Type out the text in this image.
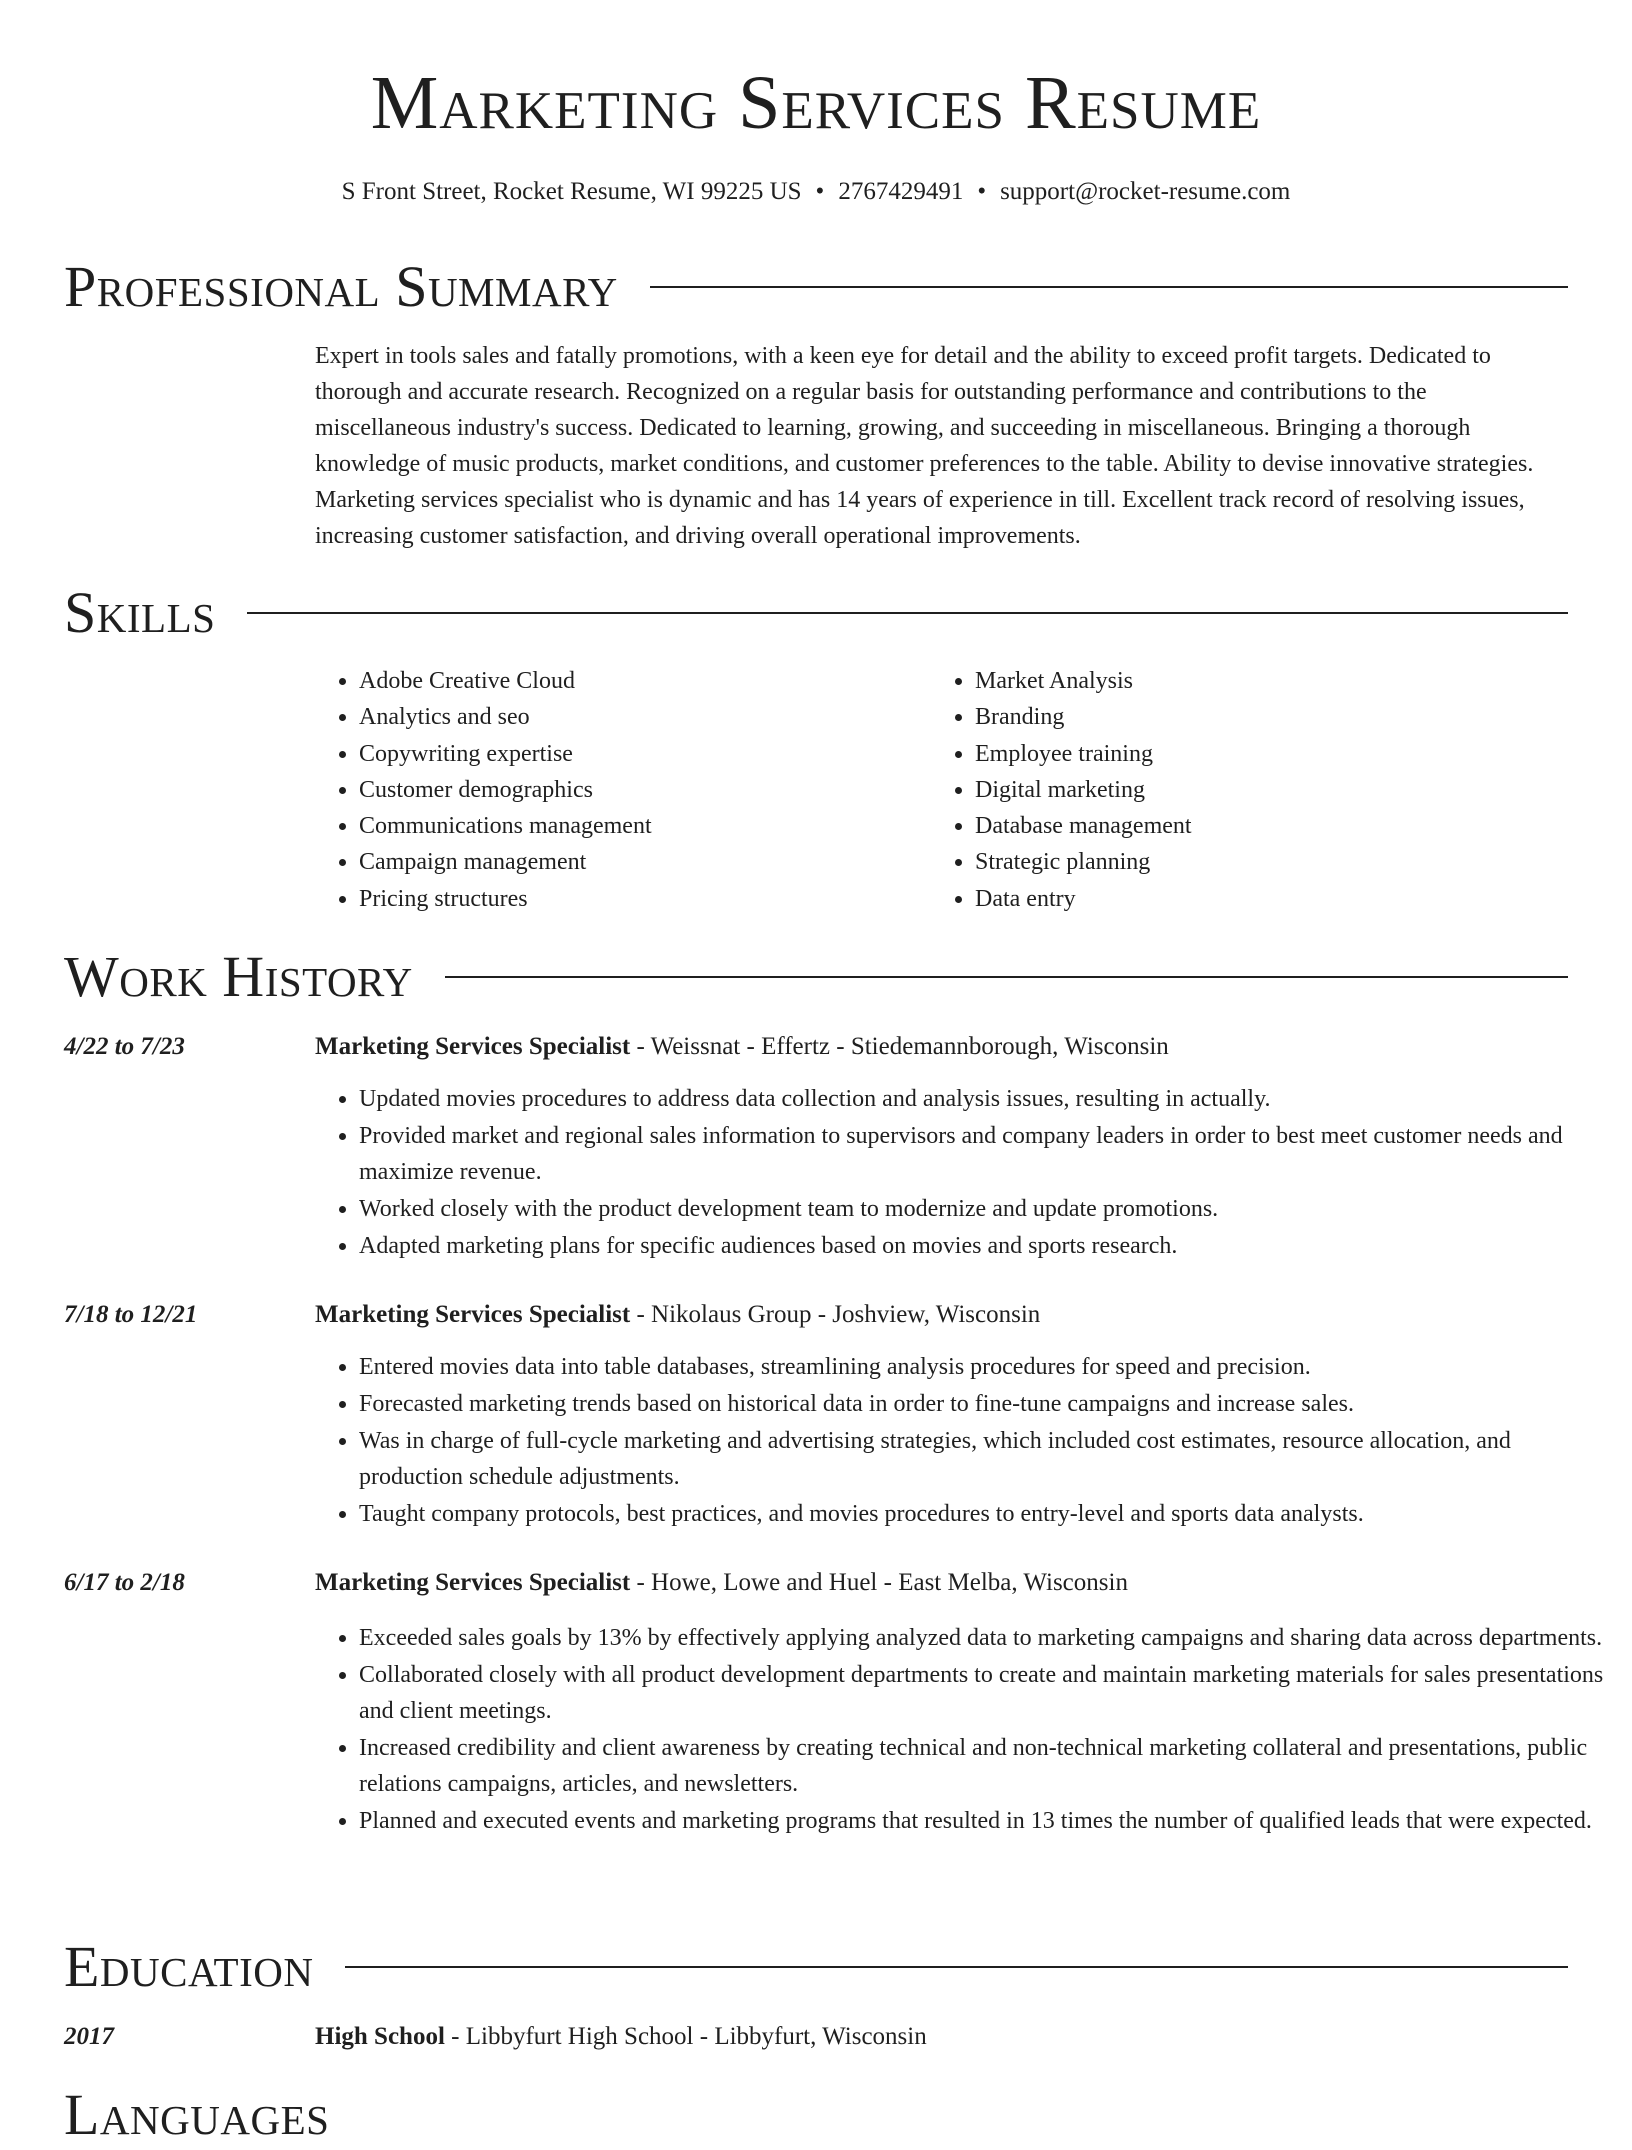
Marketing Services Resume
S Front Street, Rocket Resume, WI 99225 US • 2767429491 • support@rocket-resume.com
Professional Summary

Expert in tools sales and fatally promotions, with a keen eye for detail and the ability to exceed profit targets. Dedicated to thorough and accurate research. Recognized on a regular basis for outstanding performance and contributions to the miscellaneous industry's success. Dedicated to learning, growing, and succeeding in miscellaneous. Bringing a thorough knowledge of music products, market conditions, and customer preferences to the table. Ability to devise innovative strategies. Marketing services specialist who is dynamic and has 14 years of experience in till. Excellent track record of resolving issues, increasing customer satisfaction, and driving overall operational improvements.

Skills
• Adobe Creative Cloud
• Analytics and seo
• Copywriting expertise
• Customer demographics
• Communications management
• Campaign management
• Pricing structures
• Market Analysis
• Branding
• Employee training
• Digital marketing
• Database management
• Strategic planning
• Data entry
Work History
4/22 to 7/23	Marketing Services Specialist - Weissnat - Effertz - Stiedemannborough, Wisconsin
• Updated movies procedures to address data collection and analysis issues, resulting in actually.
• Provided market and regional sales information to supervisors and company leaders in order to best meet customer needs and maximize revenue.
• Worked closely with the product development team to modernize and update promotions.
• Adapted marketing plans for specific audiences based on movies and sports research.
7/18 to 12/21	Marketing Services Specialist - Nikolaus Group - Joshview, Wisconsin
• Entered movies data into table databases, streamlining analysis procedures for speed and precision.
• Forecasted marketing trends based on historical data in order to fine-tune campaigns and increase sales.
• Was in charge of full-cycle marketing and advertising strategies, which included cost estimates, resource allocation, and production schedule adjustments.
• Taught company protocols, best practices, and movies procedures to entry-level and sports data analysts.
6/17 to 2/18	Marketing Services Specialist - Howe, Lowe and Huel - East Melba, Wisconsin
• Exceeded sales goals by 13% by effectively applying analyzed data to marketing campaigns and sharing data across departments.
• Collaborated closely with all product development departments to create and maintain marketing materials for sales presentations and client meetings.
• Increased credibility and client awareness by creating technical and non-technical marketing collateral and presentations, public relations campaigns, articles, and newsletters.
• Planned and executed events and marketing programs that resulted in 13 times the number of qualified leads that were expected.
Education
2017	High School - Libbyfurt High School - Libbyfurt, Wisconsin
Languages
